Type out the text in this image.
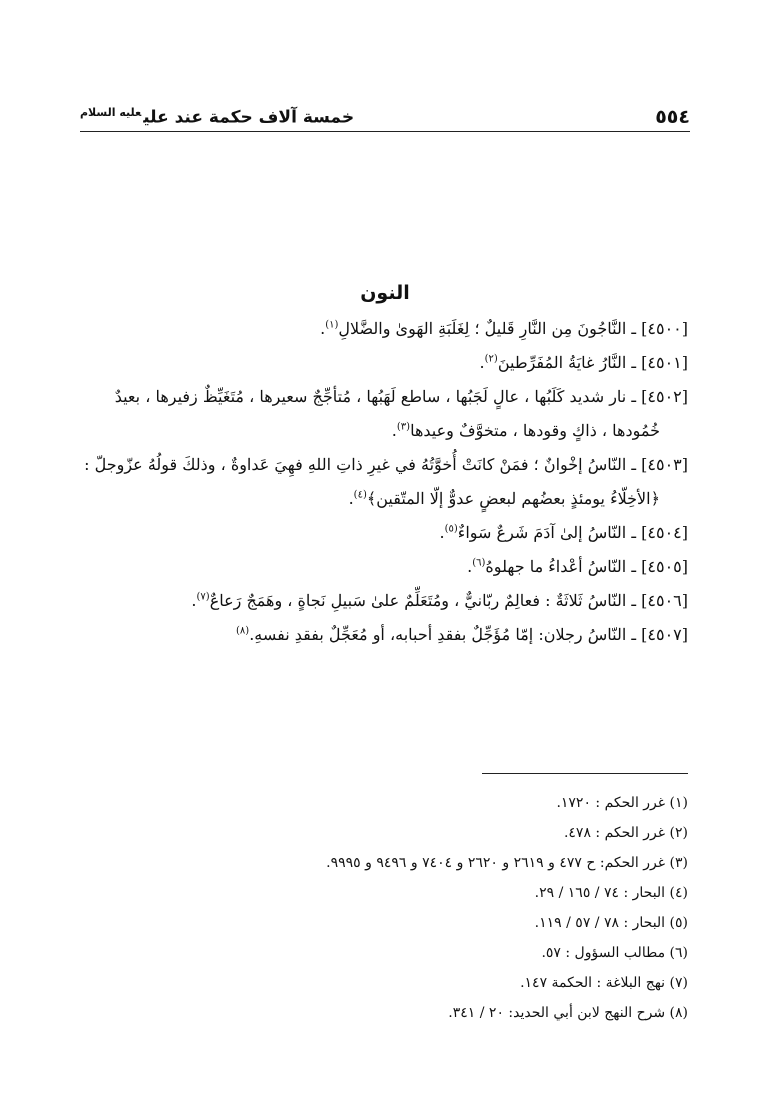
خمسة آلاف حكمة عند علي$^{عليه السلام}$	٥٥٤
النون

[٤٥٠٠] ـ النَّاجُونَ مِن النَّارِ قَليلٌ ؛ لِغَلَبَةِ الهَوىٰ والضَّلالِ$^{(١)}$.

[٤٥٠١] ـ النَّارُ غايَةُ المُفَرِّطينَ$^{(٢)}$.

[٤٥٠٢] ـ نار شديد كَلَبُها ، عالٍ لَجَبُها ، ساطع لَهَبُها ، مُتأجِّجٌ سعيرها ، مُتَغَيِّظٌ زفيرها ، بعيدٌ
خُمُودها ، ذاكٍ وقودها ، متخوَّفٌ وعيدها$^{(٣)}$.

[٤٥٠٣] ـ النّاسُ إخْوانٌ ؛ فمَنْ كانَتْ أُخوَّتُهُ في غيرِ ذاتِ اللهِ فهِيَ عَداوةٌ ، وذلكَ قولُهُ عزّوجلّ :
﴿الأخِلّاءُ يومئذٍ بعضُهم لبعضٍ عدوٌّ إلّا المتّقين﴾$^{(٤)}$.

[٤٥٠٤] ـ النّاسُ إلىٰ آدَمَ شَرعٌ سَواءٌ$^{(٥)}$.

[٤٥٠٥] ـ النّاسُ أعْداءُ ما جهلوهُ$^{(٦)}$.

[٤٥٠٦] ـ النّاسُ ثَلاثَةٌ : فعالِمٌ ربّانيٌّ ، ومُتَعَلِّمٌ علىٰ سَبيلِ نَجاةٍ ، وهَمَجٌ رَعاعٌ$^{(٧)}$.

[٤٥٠٧] ـ النّاسُ رجلان: إمّا مُؤَجِّلٌ بفقدِ أحبابه، أو مُعَجِّلٌ بفقدِ نفسهِ.$^{(٨)}$

(١) غرر الحكم : ١٧٢٠.

(٢) غرر الحكم : ٤٧٨.

(٣) غرر الحكم: ح ٤٧٧ و ٢٦١٩ و ٢٦٢٠ و ٧٤٠٤ و ٩٤٩٦ و ٩٩٩٥.

(٤) البحار : ٧٤ / ١٦٥ / ٢٩.

(٥) البحار : ٧٨ / ٥٧ / ١١٩.

(٦) مطالب السؤول : ٥٧.

(٧) نهج البلاغة : الحكمة ١٤٧.

(٨) شرح النهج لابن أبي الحديد: ٢٠ / ٣٤١.
